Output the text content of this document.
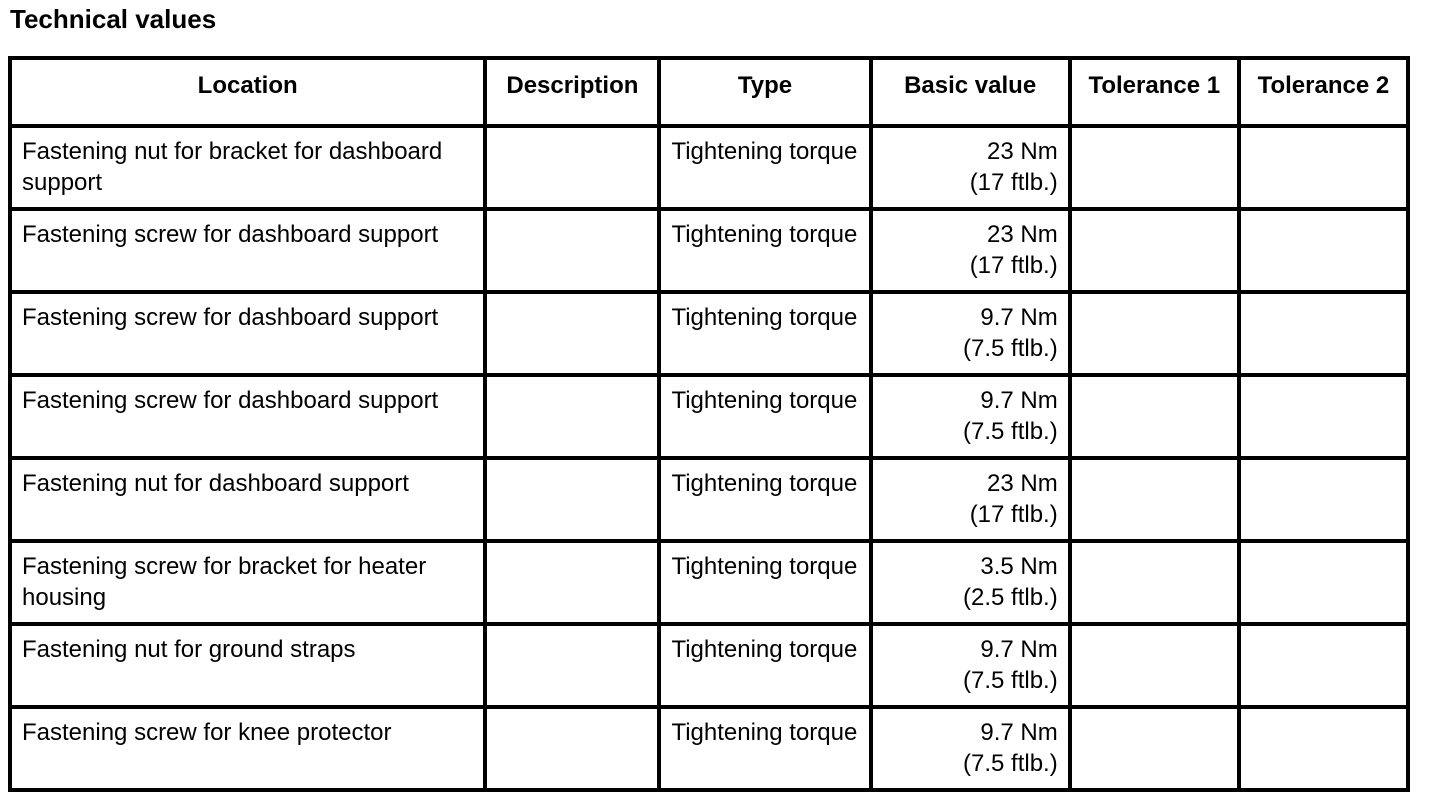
Technical values
Location	Description	Type	Basic value	Tolerance 1	Tolerance 2
Fastening nut for bracket for dashboard support		Tightening torque	23 Nm
(17 ftlb.)		

Fastening screw for dashboard support		Tightening torque	23 Nm
(17 ftlb.)		

Fastening screw for dashboard support		Tightening torque	9.7 Nm
(7.5 ftlb.)		

Fastening screw for dashboard support		Tightening torque	9.7 Nm
(7.5 ftlb.)		

Fastening nut for dashboard support		Tightening torque	23 Nm
(17 ftlb.)		

Fastening screw for bracket for heater housing		Tightening torque	3.5 Nm
(2.5 ftlb.)		

Fastening nut for ground straps		Tightening torque	9.7 Nm
(7.5 ftlb.)		

Fastening screw for knee protector		Tightening torque	9.7 Nm
(7.5 ftlb.)		
